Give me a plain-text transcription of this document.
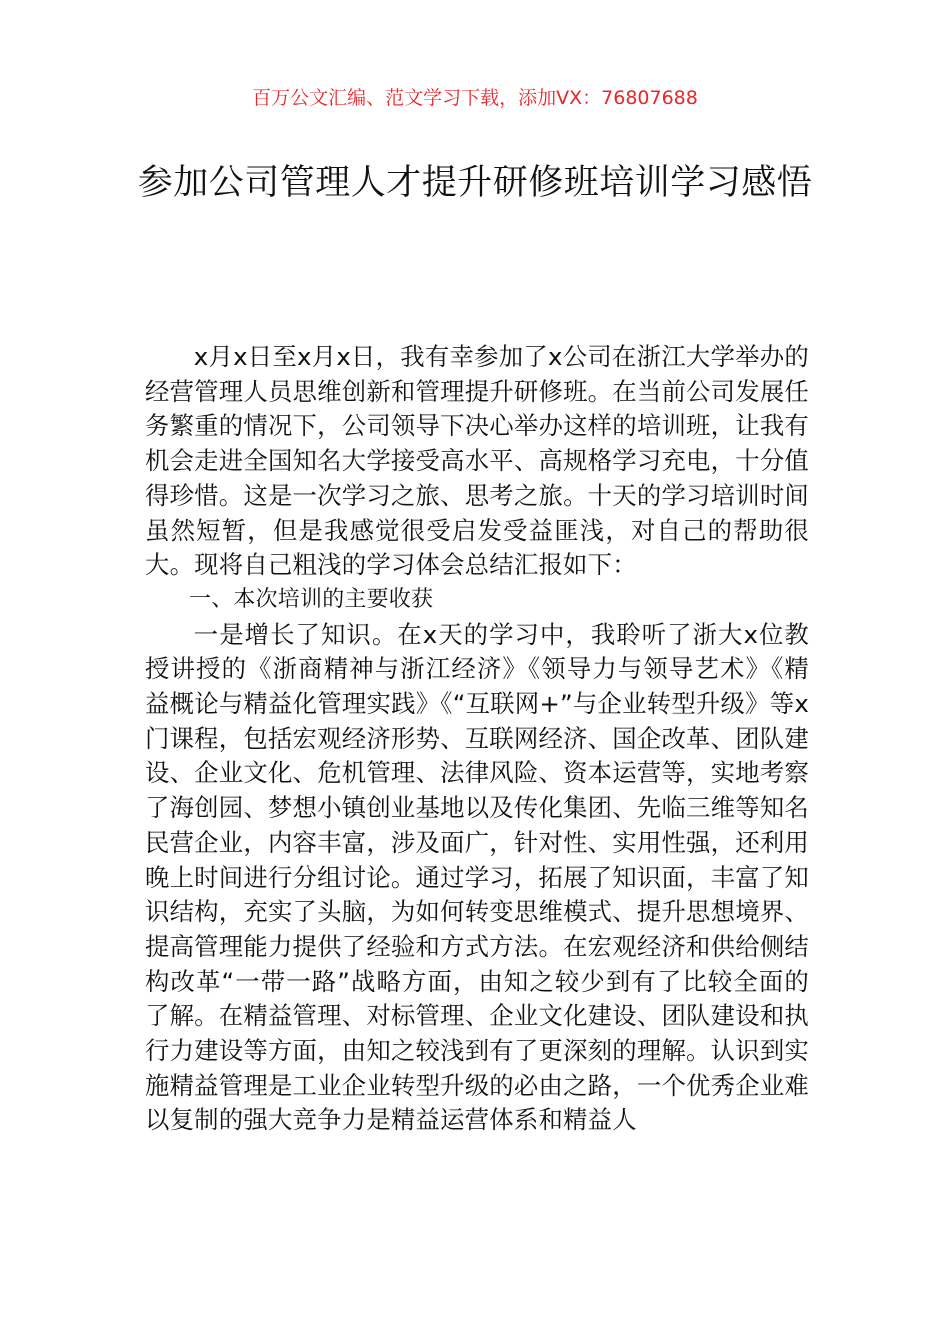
百万公文汇编、范文学习下载，添加VX：76807688
参加公司管理人才提升研修班培训学习感悟

x月x日至x月x日，我有幸参加了x公司在浙江大学举办的经营管理人员思维创新和管理提升研修班。在当前公司发展任务繁重的情况下，公司领导下决心举办这样的培训班，让我有机会走进全国知名大学接受高水平、高规格学习充电，十分值得珍惜。这是一次学习之旅、思考之旅。十天的学习培训时间虽然短暂，但是我感觉很受启发受益匪浅，对自己的帮助很大。现将自己粗浅的学习体会总结汇报如下：

一、本次培训的主要收获

一是增长了知识。在x天的学习中，我聆听了浙大x位教授讲授的《浙商精神与浙江经济》《领导力与领导艺术》《精益概论与精益化管理实践》《“互联网+”与企业转型升级》等x门课程，包括宏观经济形势、互联网经济、国企改革、团队建设、企业文化、危机管理、法律风险、资本运营等，实地考察了海创园、梦想小镇创业基地以及传化集团、先临三维等知名民营企业，内容丰富，涉及面广，针对性、实用性强，还利用晚上时间进行分组讨论。通过学习，拓展了知识面，丰富了知识结构，充实了头脑，为如何转变思维模式、提升思想境界、提高管理能力提供了经验和方式方法。在宏观经济和供给侧结构改革“一带一路”战略方面，由知之较少到有了比较全面的了解。在精益管理、对标管理、企业文化建设、团队建设和执行力建设等方面，由知之较浅到有了更深刻的理解。认识到实施精益管理是工业企业转型升级的必由之路，一个优秀企业难以复制的强大竞争力是精益运营体系和精益人
